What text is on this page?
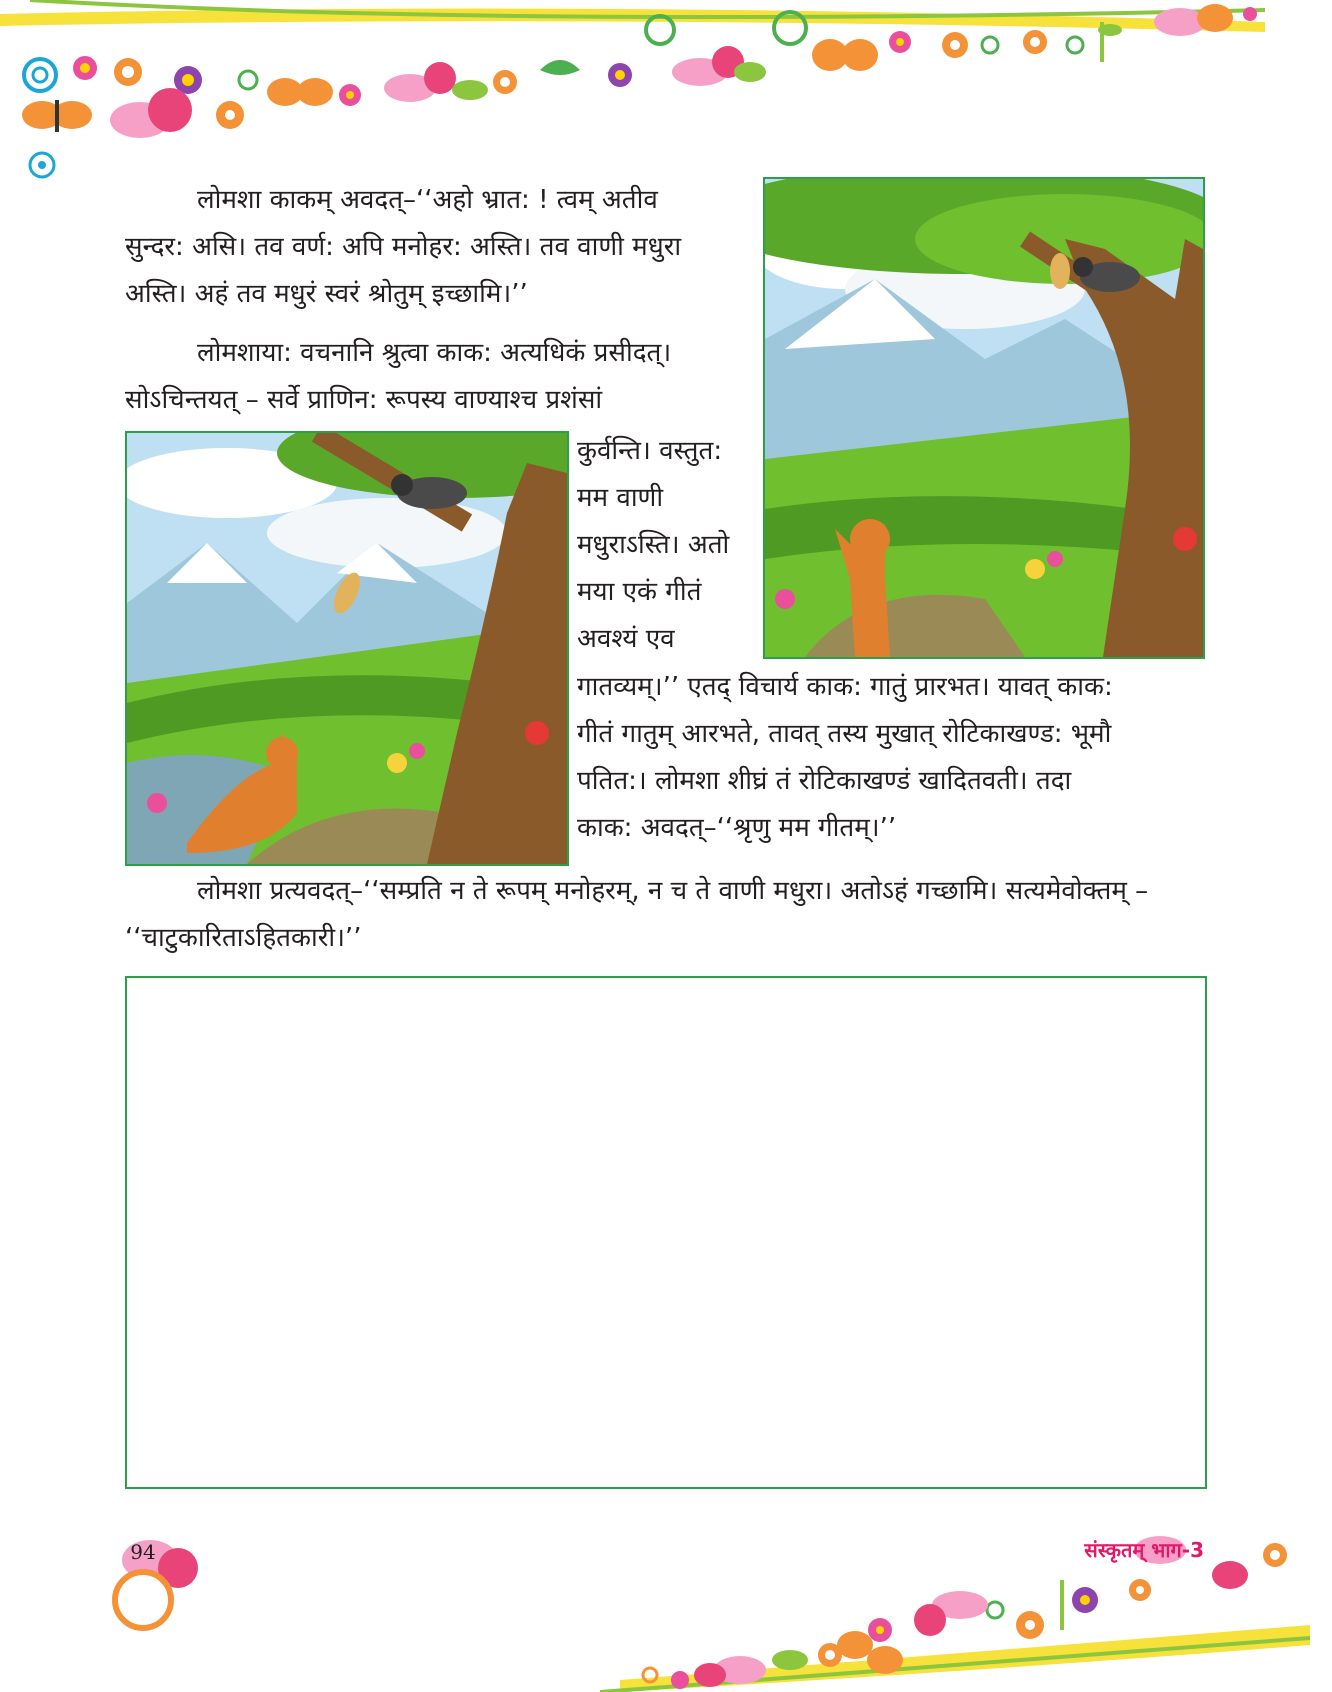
लोमशा काकम् अवदत्–‘‘अहो भ्रात: ! त्वम् अतीव
सुन्दर: असि। तव वर्ण: अपि मनोहर: अस्ति। तव वाणी मधुरा
अस्ति। अहं तव मधुरं स्वरं श्रोतुम् इच्छामि।’’
लोमशाया: वचनानि श्रुत्वा काक: अत्यधिकं प्रसीदत्।
सोऽचिन्तयत् – सर्वे प्राणिन: रूपस्य वाण्याश्च प्रशंसां
कुर्वन्ति। वस्तुत:
मम वाणी
मधुराऽस्ति। अतो
मया एकं गीतं
अवश्यं एव
गातव्यम्।’’ एतद् विचार्य काक: गातुं प्रारभत। यावत् काक:
गीतं गातुम् आरभते, तावत् तस्य मुखात् रोटिकाखण्ड: भूमौ
पतित:। लोमशा शीघ्रं तं रोटिकाखण्डं खादितवती। तदा
काक: अवदत्–‘‘श्रृणु मम गीतम्।’’
लोमशा प्रत्यवदत्–‘‘सम्प्रति न ते रूपम् मनोहरम्, न च ते वाणी मधुरा। अतोऽहं गच्छामि। सत्यमेवोक्तम् –
‘‘चाटुकारिताऽहितकारी।’’
94	संस्कृतम् भाग-3
